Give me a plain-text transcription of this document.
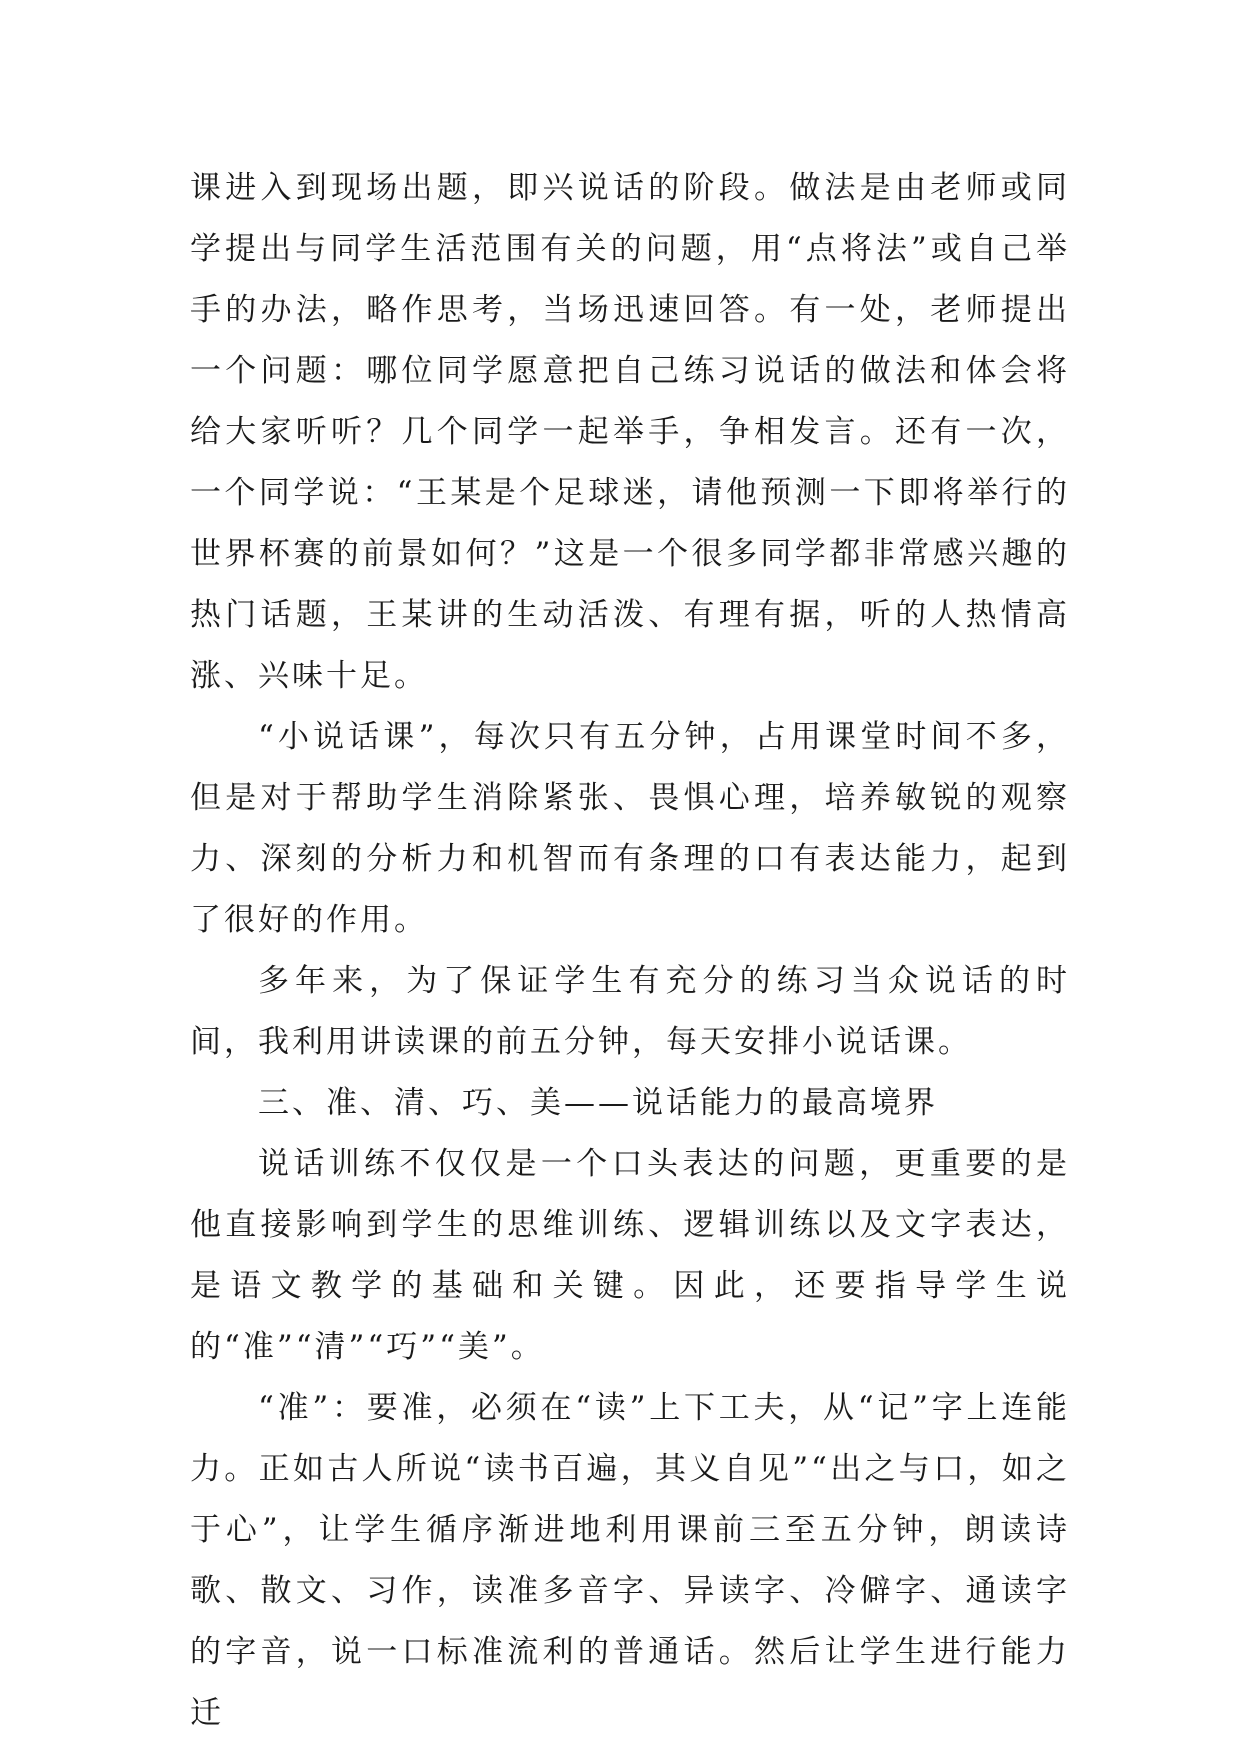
课进入到现场出题，即兴说话的阶段。做法是由老师或同学提出与同学生活范围有关的问题，用“点将法”或自己举手的办法，略作思考，当场迅速回答。有一处，老师提出一个问题：哪位同学愿意把自己练习说话的做法和体会将给大家听听？几个同学一起举手，争相发言。还有一次，一个同学说：“王某是个足球迷，请他预测一下即将举行的世界杯赛的前景如何？”这是一个很多同学都非常感兴趣的热门话题，王某讲的生动活泼、有理有据，听的人热情高涨、兴味十足。

“小说话课”，每次只有五分钟，占用课堂时间不多，但是对于帮助学生消除紧张、畏惧心理，培养敏锐的观察力、深刻的分析力和机智而有条理的口有表达能力，起到了很好的作用。

多年来，为了保证学生有充分的练习当众说话的时间，我利用讲读课的前五分钟，每天安排小说话课。

三、准、清、巧、美——说话能力的最高境界

说话训练不仅仅是一个口头表达的问题，更重要的是他直接影响到学生的思维训练、逻辑训练以及文字表达，是语文教学的基础和关键。因此，还要指导学生说的“准”“清”“巧”“美”。

“准”：要准，必须在“读”上下工夫，从“记”字上连能力。正如古人所说“读书百遍，其义自见”“出之与口，如之于心”，让学生循序渐进地利用课前三至五分钟，朗读诗歌、散文、习作，读准多音字、异读字、冷僻字、通读字的字音，说一口标准流利的普通话。然后让学生进行能力迁
